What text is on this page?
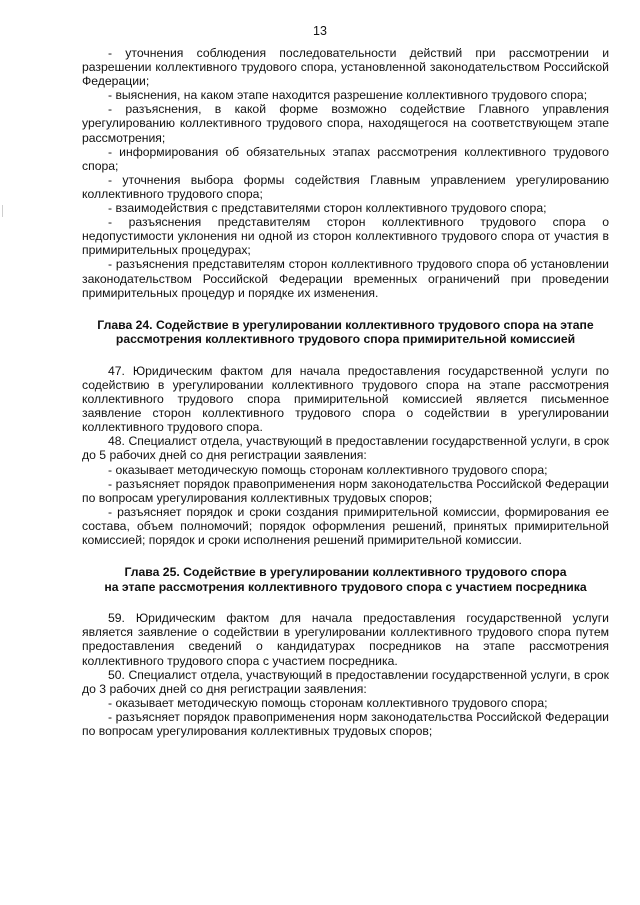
13

- уточнения соблюдения последовательности действий при рассмотрении и разрешении коллективного трудового спора, установленной законодательством Российской Федерации;

- выяснения, на каком этапе находится разрешение коллективного трудового спора;

- разъяснения, в какой форме возможно содействие Главного управления урегулированию коллективного трудового спора, находящегося на соответствующем этапе рассмотрения;

- информирования об обязательных этапах рассмотрения коллективного трудового спора;

- уточнения выбора формы содействия Главным управлением урегулированию коллективного трудового спора;

- взаимодействия с представителями сторон коллективного трудового спора;

- разъяснения представителям сторон коллективного трудового спора о недопустимости уклонения ни одной из сторон коллективного трудового спора от участия в примирительных процедурах;

- разъяснения представителям сторон коллективного трудового спора об установлении законодательством Российской Федерации временных ограничений при проведении примирительных процедур и порядке их изменения.

Глава 24. Содействие в урегулировании коллективного трудового спора на этапе рассмотрения коллективного трудового спора примирительной комиссией

47. Юридическим фактом для начала предоставления государственной услуги по содействию в урегулировании коллективного трудового спора на этапе рассмотрения коллективного трудового спора примирительной комиссией является письменное заявление сторон коллективного трудового спора о содействии в урегулировании коллективного трудового спора.

48. Специалист отдела, участвующий в предоставлении государственной услуги, в срок до 5 рабочих дней со дня регистрации заявления:

- оказывает методическую помощь сторонам коллективного трудового спора;

- разъясняет порядок правоприменения норм законодательства Российской Федерации по вопросам урегулирования коллективных трудовых споров;

- разъясняет порядок и сроки создания примирительной комиссии, формирования ее состава, объем полномочий; порядок оформления решений, принятых примирительной комиссией; порядок и сроки исполнения решений примирительной комиссии.

Глава 25. Содействие в урегулировании коллективного трудового спора
на этапе рассмотрения коллективного трудового спора с участием посредника

59. Юридическим фактом для начала предоставления государственной услуги является заявление о содействии в урегулировании коллективного трудового спора путем предоставления сведений о кандидатурах посредников на этапе рассмотрения коллективного трудового спора с участием посредника.

50. Специалист отдела, участвующий в предоставлении государственной услуги, в срок до 3 рабочих дней со дня регистрации заявления:

- оказывает методическую помощь сторонам коллективного трудового спора;

- разъясняет порядок правоприменения норм законодательства Российской Федерации по вопросам урегулирования коллективных трудовых споров;
